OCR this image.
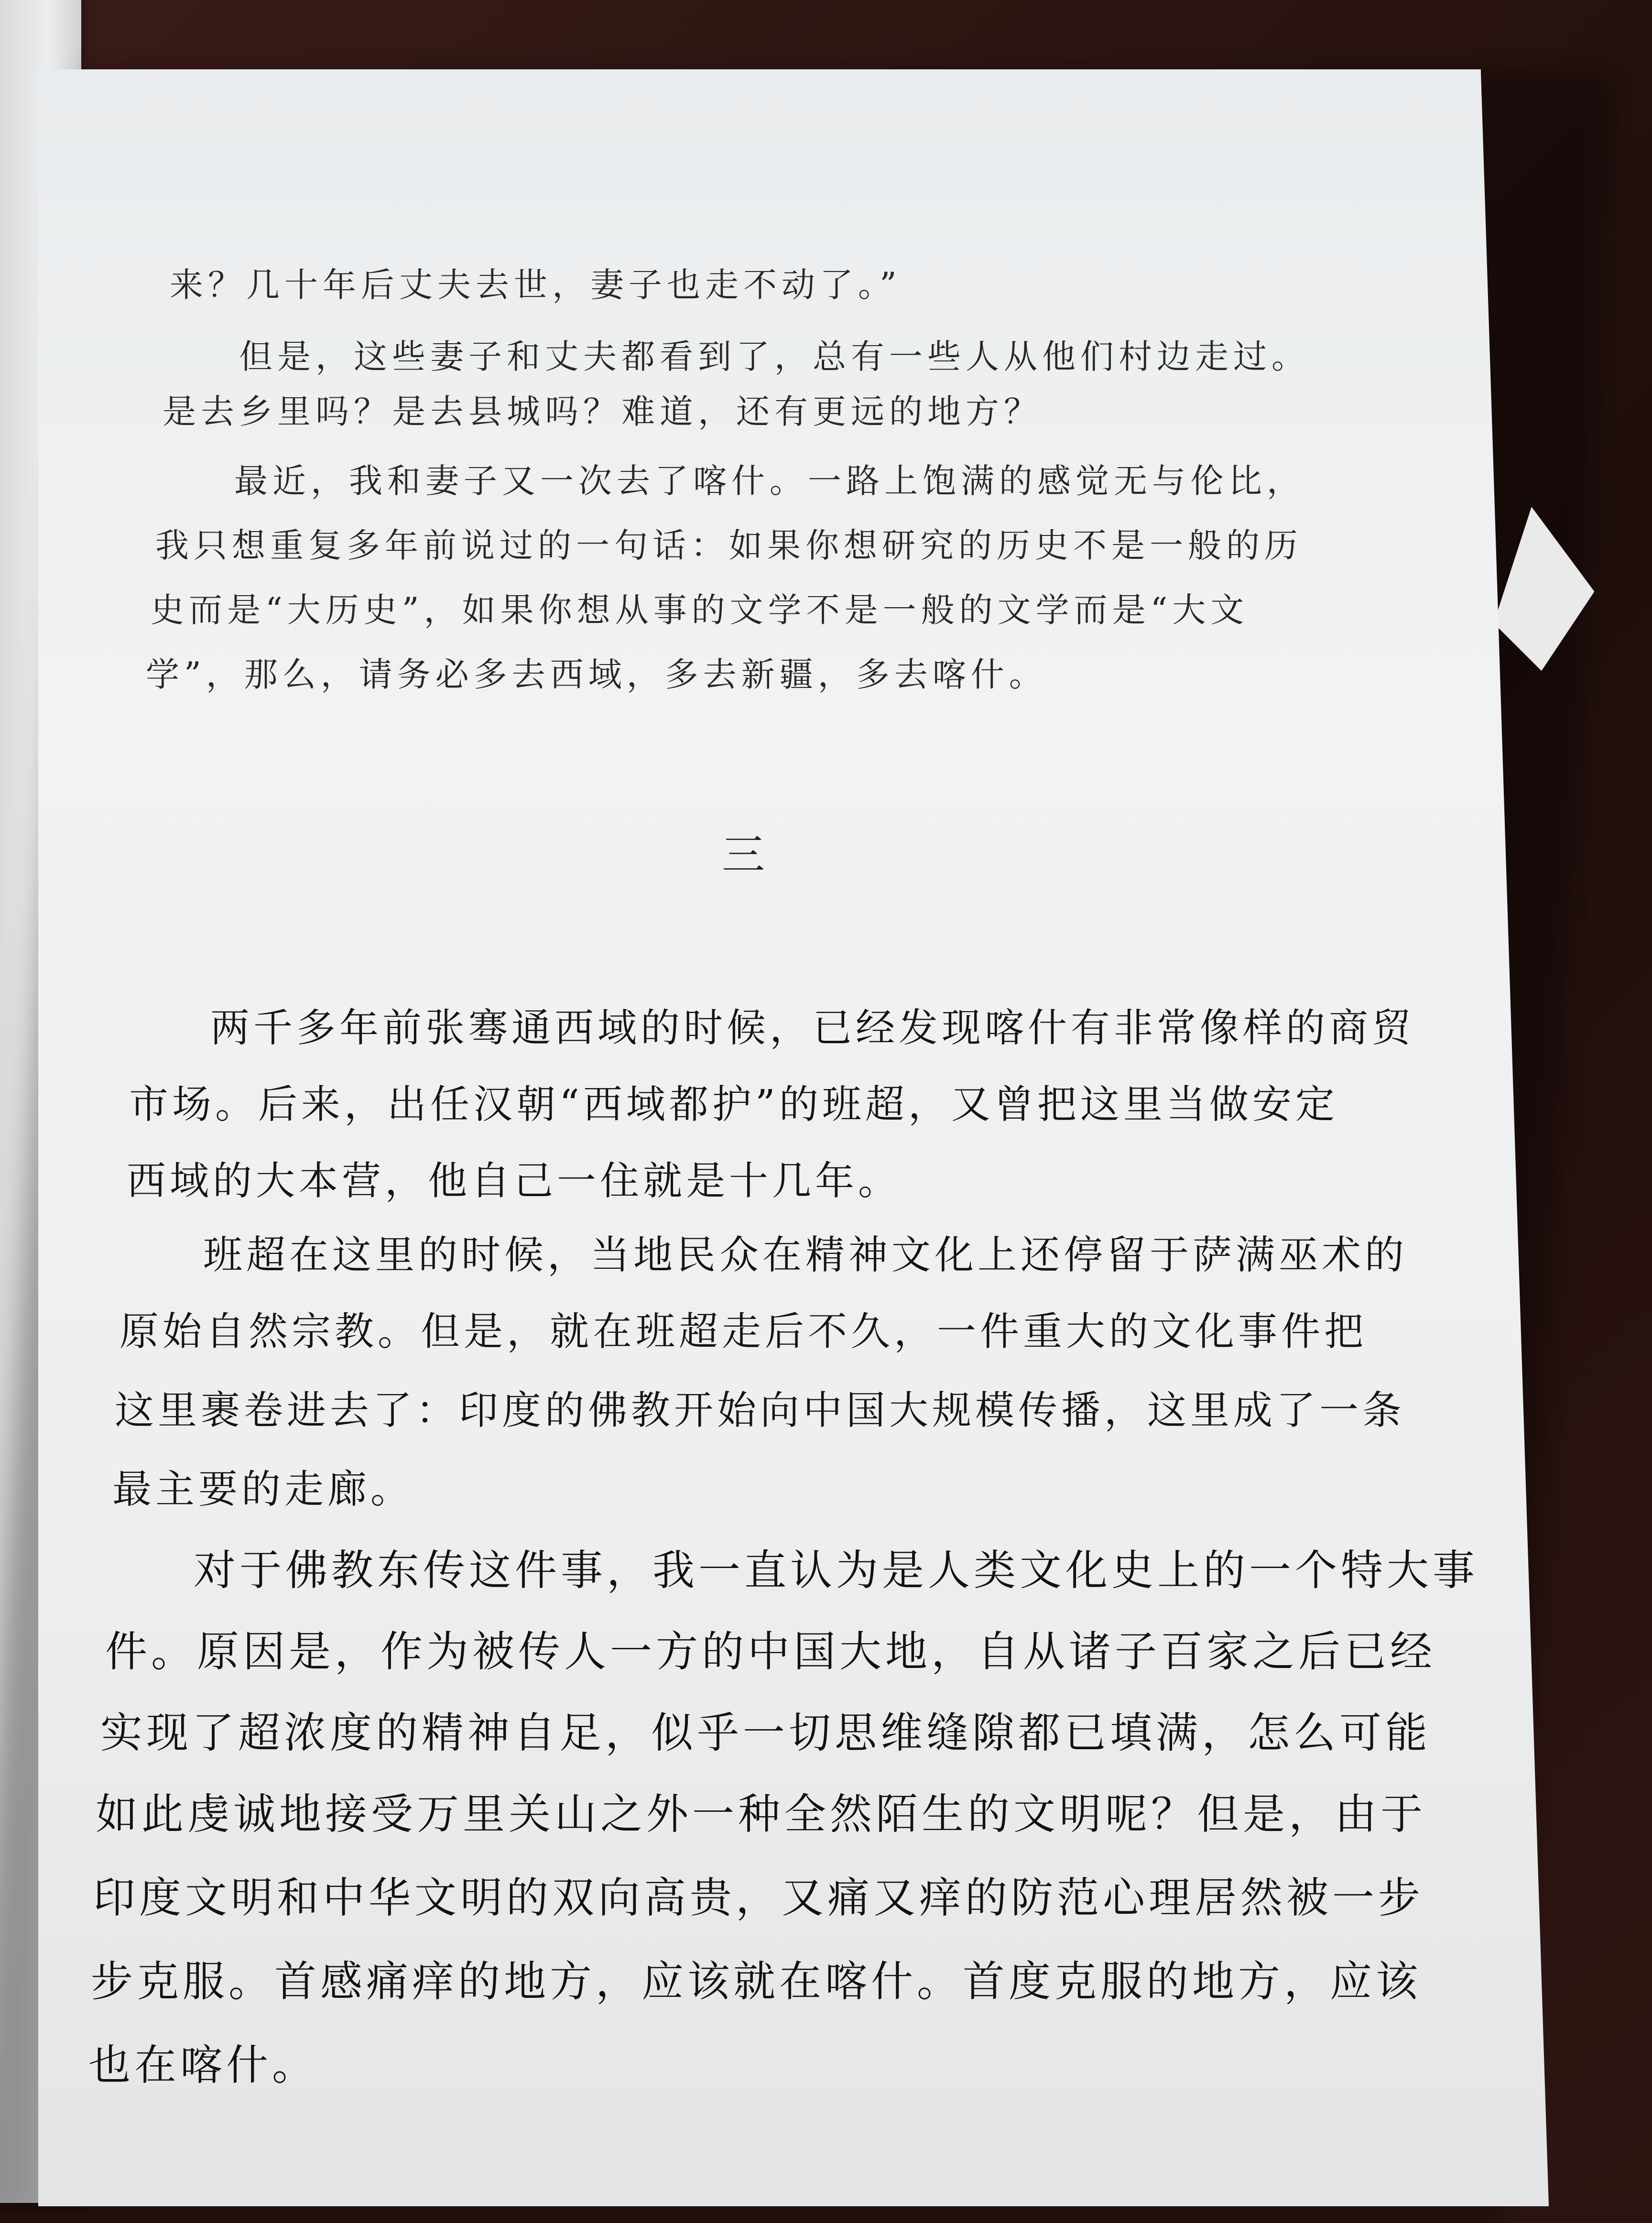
来？几十年后丈夫去世，妻子也走不动了。”
但是，这些妻子和丈夫都看到了，总有一些人从他们村边走过。
是去乡里吗？是去县城吗？难道，还有更远的地方？
最近，我和妻子又一次去了喀什。一路上饱满的感觉无与伦比，
我只想重复多年前说过的一句话：如果你想研究的历史不是一般的历
史而是“大历史”，如果你想从事的文学不是一般的文学而是“大文
学”，那么，请务必多去西域，多去新疆，多去喀什。
三
两千多年前张骞通西域的时候，已经发现喀什有非常像样的商贸
市场。后来，出任汉朝“西域都护”的班超，又曾把这里当做安定
西域的大本营，他自己一住就是十几年。
班超在这里的时候，当地民众在精神文化上还停留于萨满巫术的
原始自然宗教。但是，就在班超走后不久，一件重大的文化事件把
这里裹卷进去了：印度的佛教开始向中国大规模传播，这里成了一条
最主要的走廊。
对于佛教东传这件事，我一直认为是人类文化史上的一个特大事
件。原因是，作为被传人一方的中国大地，自从诸子百家之后已经
实现了超浓度的精神自足，似乎一切思维缝隙都已填满，怎么可能
如此虔诚地接受万里关山之外一种全然陌生的文明呢？但是，由于
印度文明和中华文明的双向高贵，又痛又痒的防范心理居然被一步
步克服。首感痛痒的地方，应该就在喀什。首度克服的地方，应该
也在喀什。
